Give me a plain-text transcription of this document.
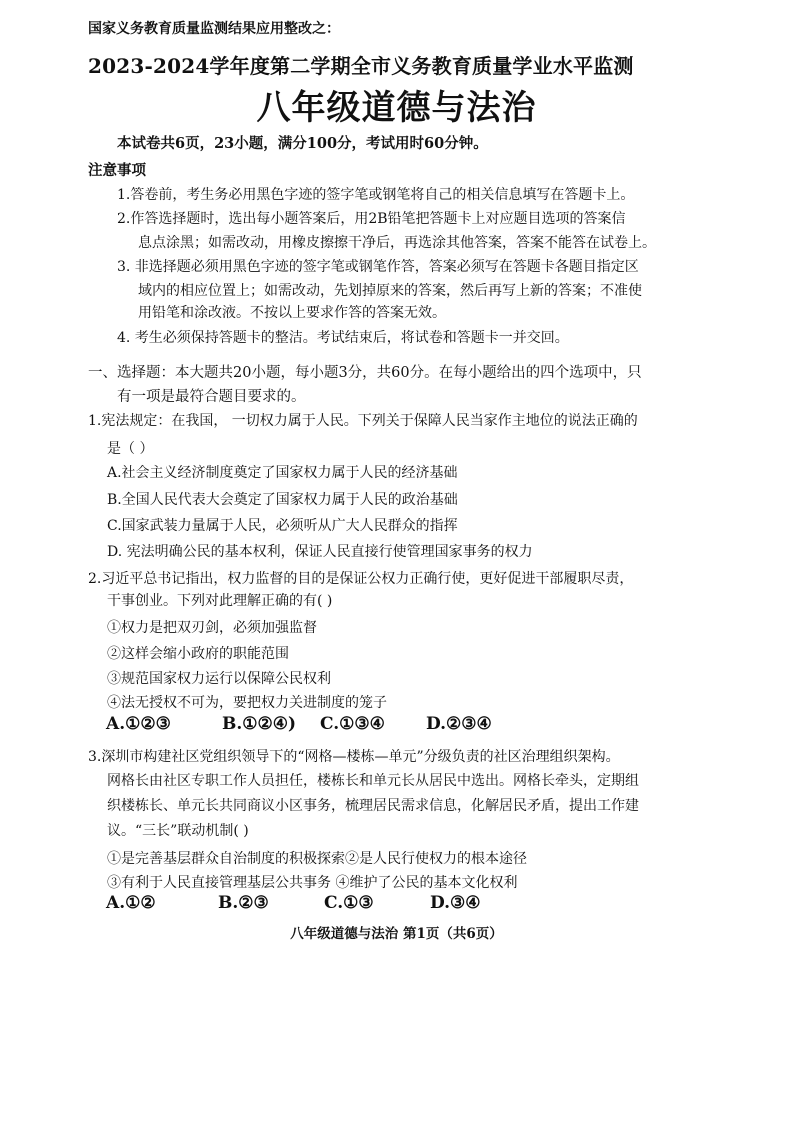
国家义务教育质量监测结果应用整改之：
2023-2024学年度第二学期全市义务教育质量学业水平监测
八年级道德与法治
本试卷共6页，23小题，满分100分，考试用时60分钟。
注意事项
1.答卷前，考生务必用黑色字迹的签字笔或钢笔将自己的相关信息填写在答题卡上。
2.作答选择题时，选出每小题答案后，用2B铅笔把答题卡上对应题目选项的答案信
息点涂黑；如需改动，用橡皮擦擦干净后，再选涂其他答案，答案不能答在试卷上。
3. 非选择题必须用黑色字迹的签字笔或钢笔作答，答案必须写在答题卡各题目指定区
域内的相应位置上；如需改动，先划掉原来的答案，然后再写上新的答案；不准使
用铅笔和涂改液。不按以上要求作答的答案无效。
4. 考生必须保持答题卡的整洁。考试结束后，将试卷和答题卡一并交回。
一、选择题：本大题共20小题，每小题3分，共60分。在每小题给出的四个选项中，只
有一项是最符合题目要求的。
1.宪法规定：在我国， 一切权力属于人民。下列关于保障人民当家作主地位的说法正确的
是（ ）
A.社会主义经济制度奠定了国家权力属于人民的经济基础
B.全国人民代表大会奠定了国家权力属于人民的政治基础
C.国家武装力量属于人民，必须听从广大人民群众的指挥
D. 宪法明确公民的基本权利，保证人民直接行使管理国家事务的权力
2.习近平总书记指出，权力监督的目的是保证公权力正确行使，更好促进干部履职尽责，
干事创业。下列对此理解正确的有( )
①权力是把双刃剑，必须加强监督
②这样会缩小政府的职能范围
③规范国家权力运行以保障公民权利
④法无授权不可为，要把权力关进制度的笼子
A.①②③	B.①②④) C.①③④ D.②③④
3.深圳市构建社区党组织领导下的“网格—楼栋—单元”分级负责的社区治理组织架构。
网格长由社区专职工作人员担任，楼栋长和单元长从居民中选出。网格长牵头，定期组
织楼栋长、单元长共同商议小区事务，梳理居民需求信息，化解居民矛盾，提出工作建
议。“三长”联动机制( )
①是完善基层群众自治制度的积极探索②是人民行使权力的根本途径
③有利于人民直接管理基层公共事务 ④维护了公民的基本文化权利
A.①②	B.②③	C.①③	D.③④
八年级道德与法治 第1页（共6页）
